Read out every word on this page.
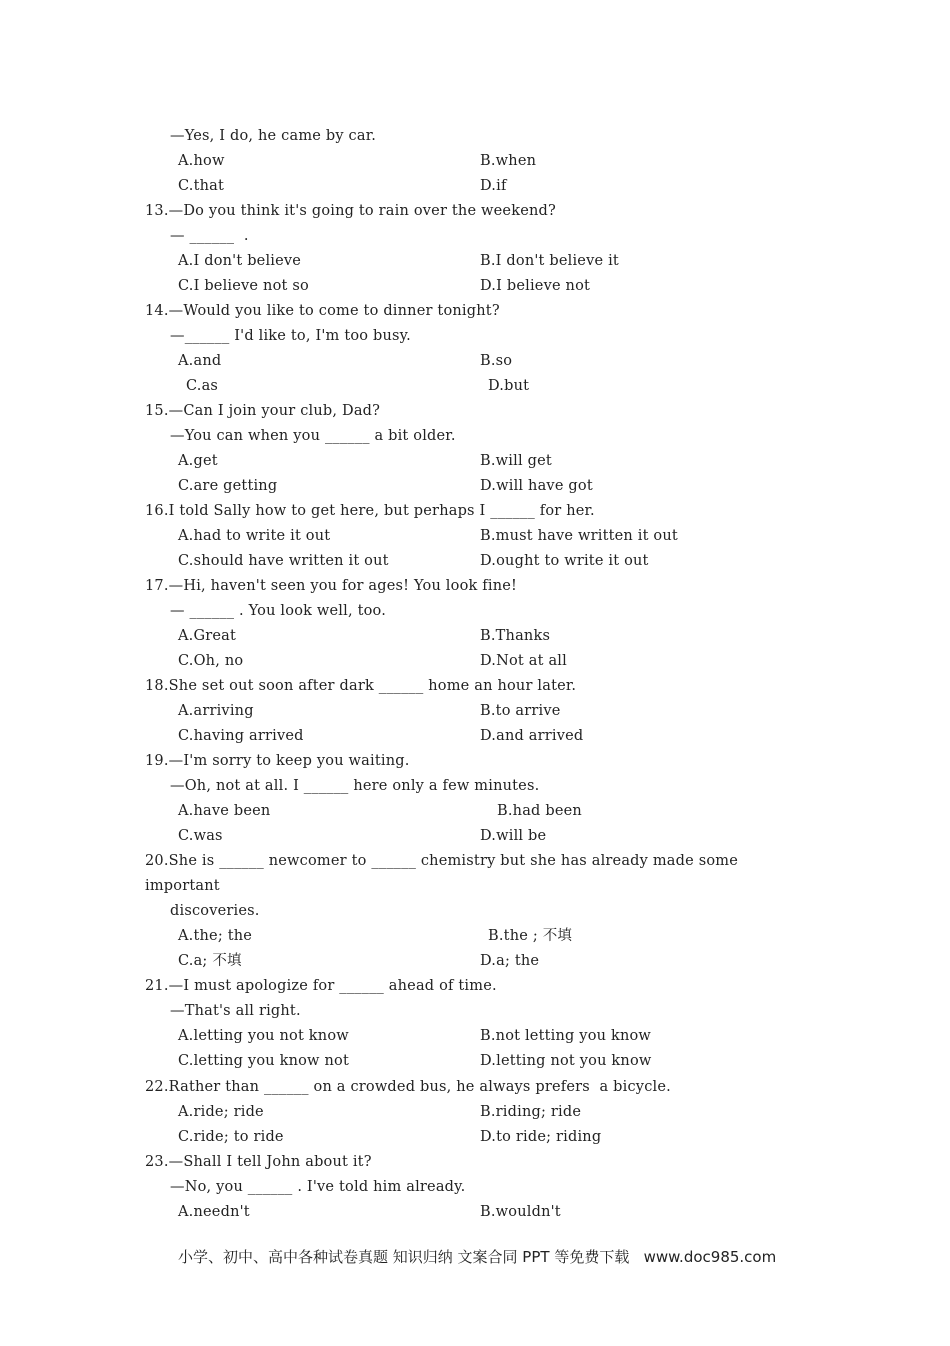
小学、初中、高中各种试卷真题 知识归纳 文案合同 PPT 等免费下载   www.doc985.com
—Yes, I do, he came by car.
A.how	B.when
C.that	D.if
13.—Do you think it's going to rain over the weekend?
— ______  .
A.I don't believe	B.I don't believe it
C.I believe not so	D.I believe not
14.—Would you like to come to dinner tonight?
—______ I'd like to, I'm too busy.
A.and	B.so
C.as	D.but
15.—Can I join your club, Dad?
—You can when you ______ a bit older.
A.get	B.will get
C.are getting	D.will have got
16.I told Sally how to get here, but perhaps I ______ for her.
A.had to write it out	B.must have written it out
C.should have written it out	D.ought to write it out
17.—Hi, haven't seen you for ages! You look fine!
— ______ . You look well, too.
A.Great	B.Thanks
C.Oh, no	D.Not at all
18.She set out soon after dark ______ home an hour later.
A.arriving	B.to arrive
C.having arrived	D.and arrived
19.—I'm sorry to keep you waiting.
—Oh, not at all. I ______ here only a few minutes.
A.have been	B.had been
C.was	D.will be
20.She is ______ newcomer to ______ chemistry but she has already made some
important
discoveries.
A.the; the	B.the ; 不填
C.a; 不填	D.a; the
21.—I must apologize for ______ ahead of time.
—That's all right.
A.letting you not know	B.not letting you know
C.letting you know not	D.letting not you know
22.Rather than ______ on a crowded bus, he always prefers  a bicycle.
A.ride; ride	B.riding; ride
C.ride; to ride	D.to ride; riding
23.—Shall I tell John about it?
—No, you ______ . I've told him already.
A.needn't	B.wouldn't
